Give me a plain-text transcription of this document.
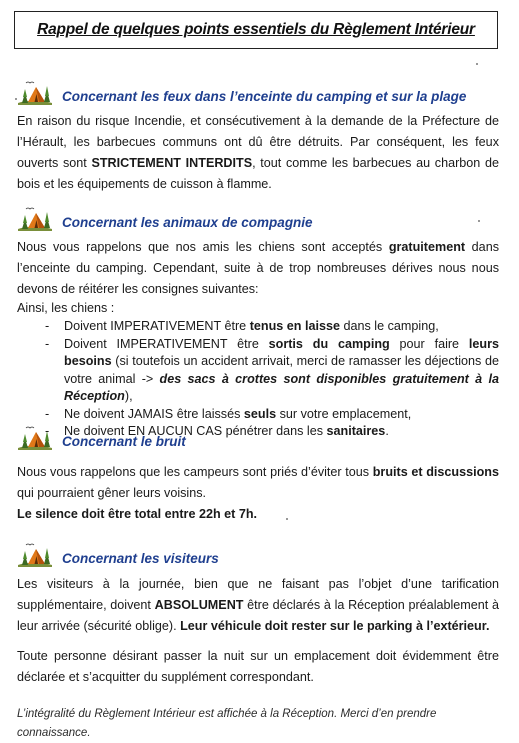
Rappel de quelques points essentiels du Règlement Intérieur
Concernant les feux dans l’enceinte du camping et sur la plage
En raison du risque Incendie, et consécutivement à la demande de la Préfecture de l’Hérault, les barbecues communs ont dû être détruits. Par conséquent, les feux ouverts sont STRICTEMENT INTERDITS, tout comme les barbecues au charbon de bois et les équipements de cuisson à flamme.
Concernant les animaux de compagnie
Nous vous rappelons que nos amis les chiens sont acceptés gratuitement dans l’enceinte du camping. Cependant, suite à de trop nombreuses dérives nous nous devons de réitérer les consignes suivantes:
Ainsi, les chiens :
- Doivent IMPERATIVEMENT être tenus en laisse dans le camping,
- Doivent IMPERATIVEMENT être sortis du camping pour faire leurs besoins (si toutefois un accident arrivait, merci de ramasser les déjections de votre animal -> des sacs à crottes sont disponibles gratuitement à la Réception),
- Ne doivent JAMAIS être laissés seuls sur votre emplacement,
- Ne doivent EN AUCUN CAS pénétrer dans les sanitaires.
Concernant le bruit
Nous vous rappelons que les campeurs sont priés d’éviter tous bruits et discussions qui pourraient gêner leurs voisins.
Le silence doit être total entre 22h et 7h.
Concernant les visiteurs
Les visiteurs à la journée, bien que ne faisant pas l’objet d’une tarification supplémentaire, doivent ABSOLUMENT être déclarés à la Réception préalablement à leur arrivée (sécurité oblige). Leur véhicule doit rester sur le parking à l’extérieur.
Toute personne désirant passer la nuit sur un emplacement doit évidemment être déclarée et s’acquitter du supplément correspondant.
L’intégralité du Règlement Intérieur est affichée à la Réception. Merci d’en prendre connaissance.
